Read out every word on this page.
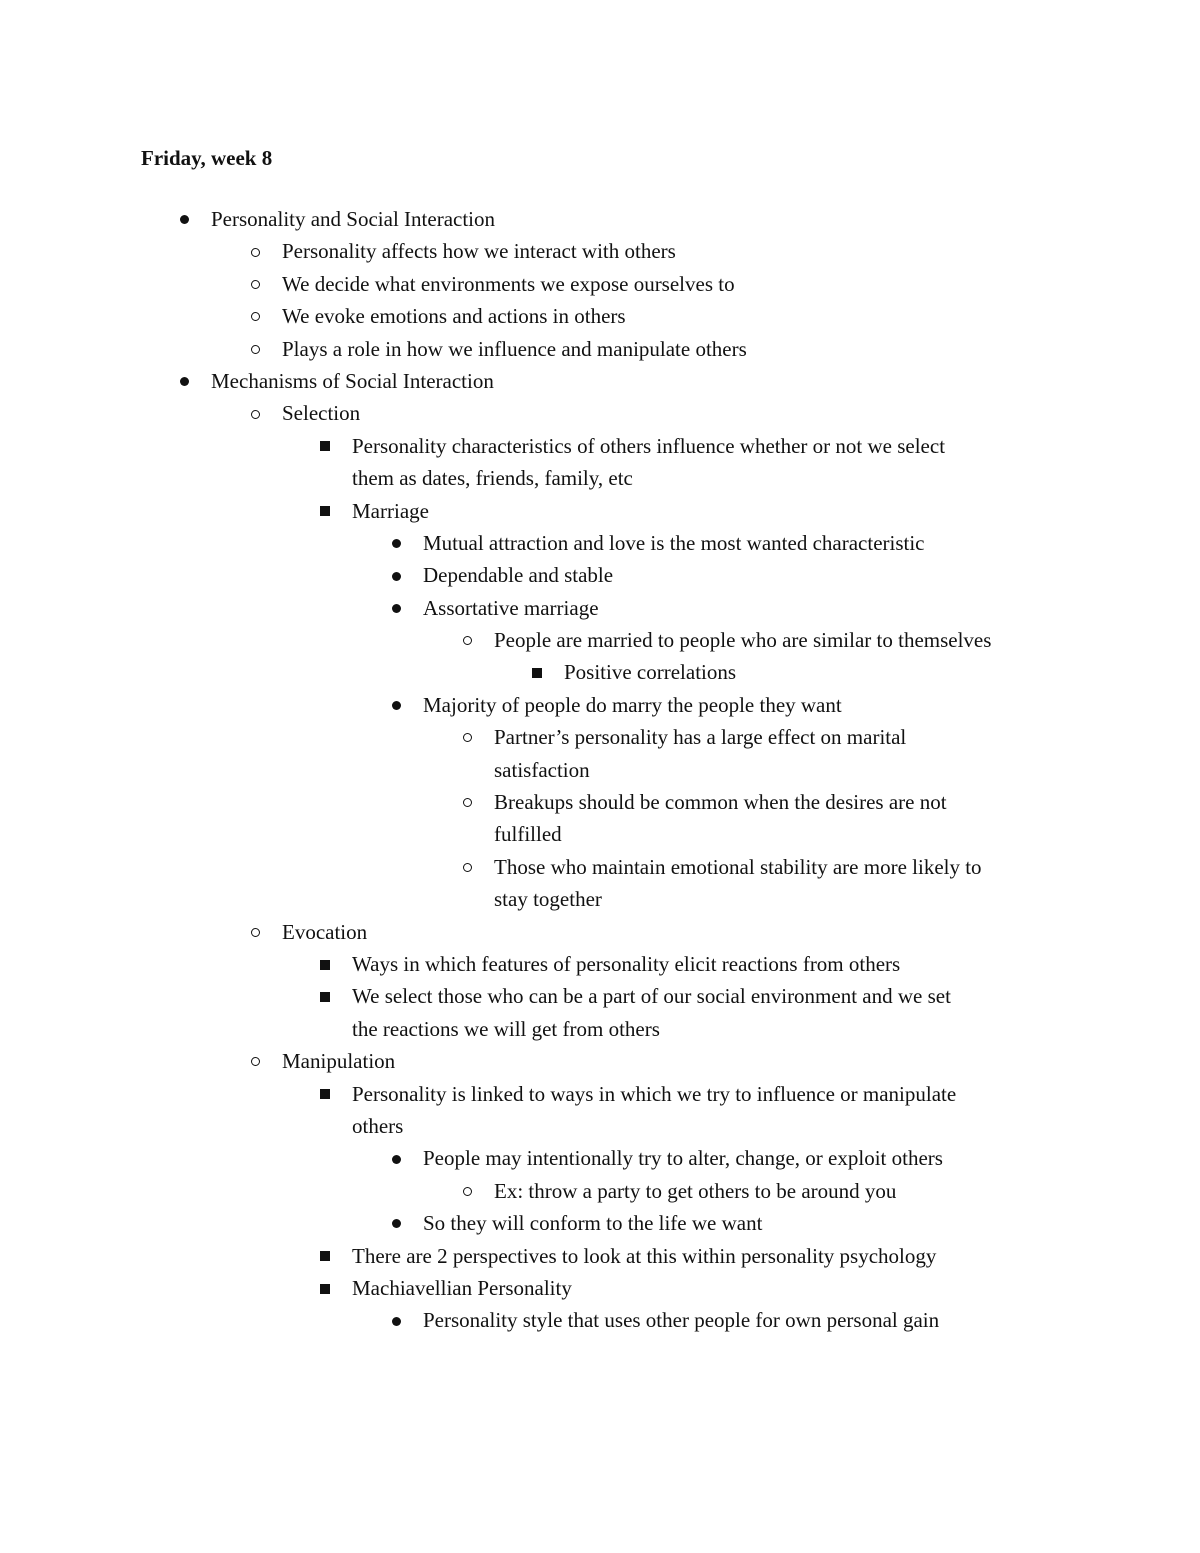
Friday, week 8
Personality and Social Interaction
Personality affects how we interact with others
We decide what environments we expose ourselves to
We evoke emotions and actions in others
Plays a role in how we influence and manipulate others
Mechanisms of Social Interaction
Selection
Personality characteristics of others influence whether or not we select
them as dates, friends, family, etc
Marriage
Mutual attraction and love is the most wanted characteristic
Dependable and stable
Assortative marriage
People are married to people who are similar to themselves
Positive correlations
Majority of people do marry the people they want
Partner’s personality has a large effect on marital
satisfaction
Breakups should be common when the desires are not
fulfilled
Those who maintain emotional stability are more likely to
stay together
Evocation
Ways in which features of personality elicit reactions from others
We select those who can be a part of our social environment and we set
the reactions we will get from others
Manipulation
Personality is linked to ways in which we try to influence or manipulate
others
People may intentionally try to alter, change, or exploit others
Ex: throw a party to get others to be around you
So they will conform to the life we want
There are 2 perspectives to look at this within personality psychology
Machiavellian Personality
Personality style that uses other people for own personal gain
